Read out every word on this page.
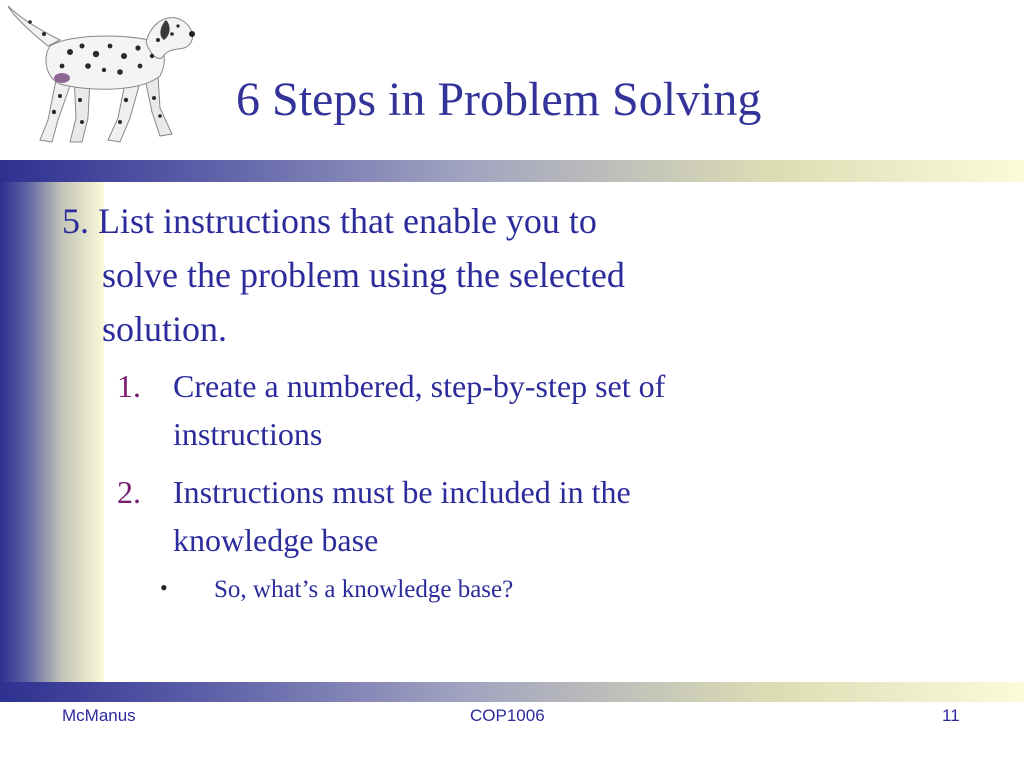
6 Steps in Problem Solving
5. List instructions that enable you to
solve the problem using the selected
solution.
1.	Create a numbered, step-by-step set of
instructions
2.	Instructions must be included in the
knowledge base
•	So, what’s a knowledge base?
McManus	COP1006	11
